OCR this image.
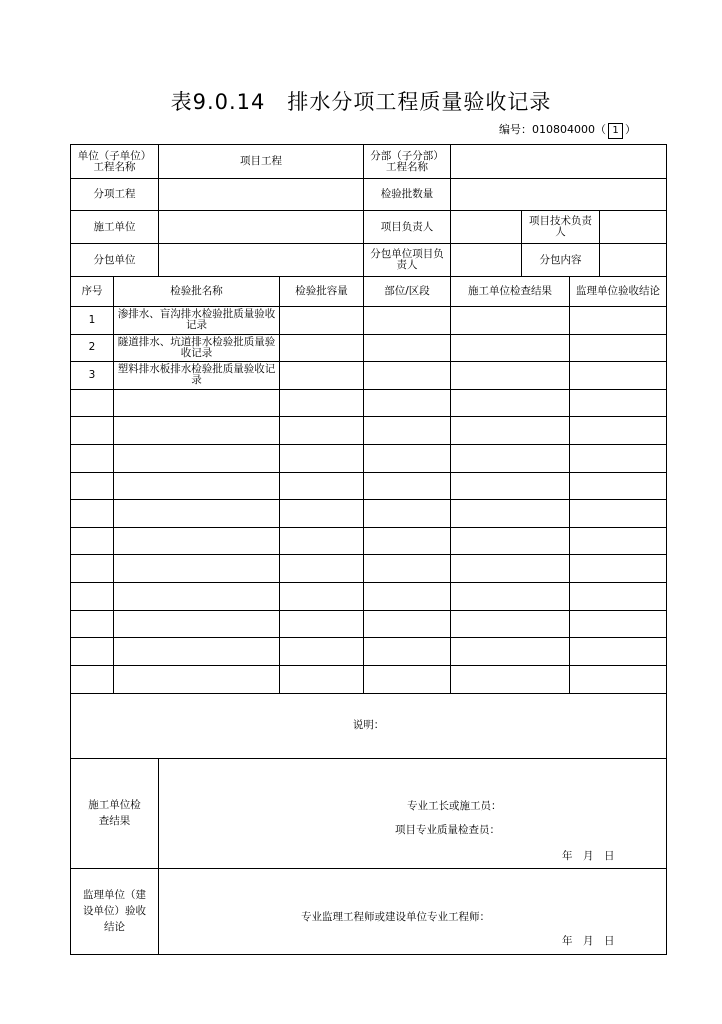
表9.0.14　排水分项工程质量验收记录
编号：010804000（ 1 ）
单位（子单位）工程名称		项目工程		分部（子分部）工程名称				

分项工程				检验批数量				
施工单位				项目负责人		项目技术负责人		

分包单位				分包单位项目负责人		分包内容		
序号	检验批名称		检验批容量	部位/区段	施工单位检查结果		监理单位验收结论	

1	渗排水、盲沟排水检验批质量验收记录							

2	隧道排水、坑道排水检验批质量验收记录							

3	塑料排水板排水检验批质量验收记录							

说明：								

施工单位检查结果		专业工长或施工员：
项目专业质量检查员：
年　月　日						

监理单位（建设单位）验收结论		专业监理工程师或建设单位专业工程师：
年　月　日						
